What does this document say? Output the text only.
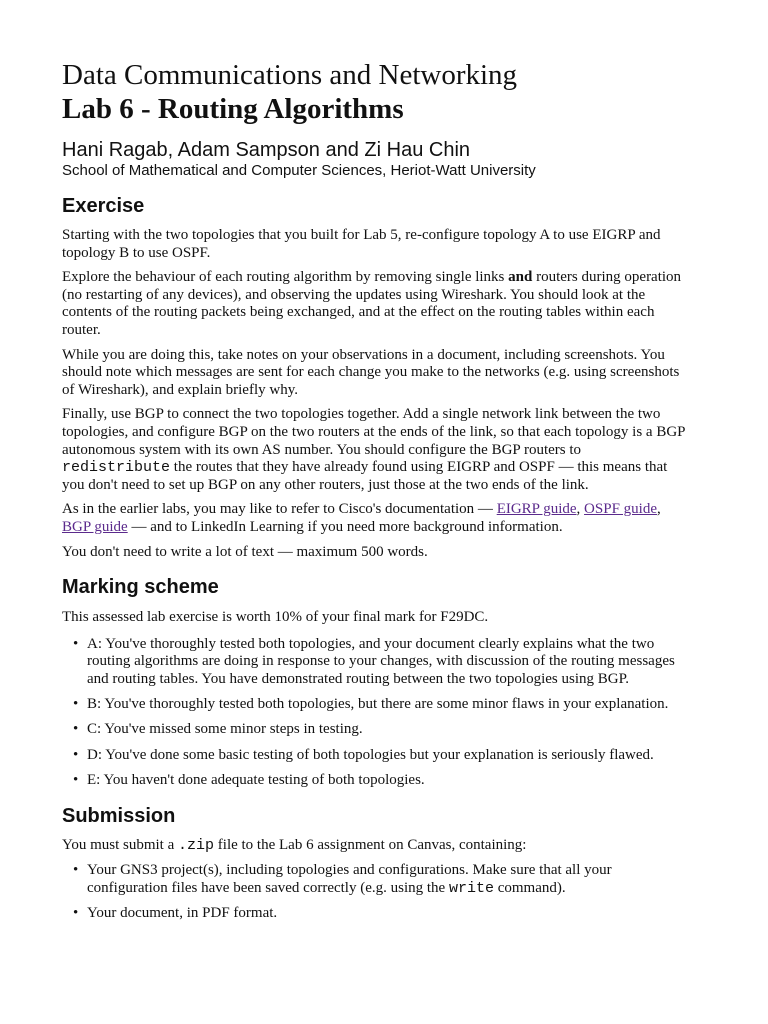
Data Communications and Networking
Lab 6 - Routing Algorithms

Hani Ragab, Adam Sampson and Zi Hau Chin

School of Mathematical and Computer Sciences, Heriot-Watt University

Exercise

Starting with the two topologies that you built for Lab 5, re-configure topology A to use EIGRP and topology B to use OSPF.

Explore the behaviour of each routing algorithm by removing single links and routers during operation (no restarting of any devices), and observing the updates using Wireshark. You should look at the contents of the routing packets being exchanged, and at the effect on the routing tables within each router.

While you are doing this, take notes on your observations in a document, including screenshots. You should note which messages are sent for each change you make to the networks (e.g. using screenshots of Wireshark), and explain briefly why.

Finally, use BGP to connect the two topologies together. Add a single network link between the two topologies, and configure BGP on the two routers at the ends of the link, so that each topology is a BGP autonomous system with its own AS number. You should configure the BGP routers to redistribute the routes that they have already found using EIGRP and OSPF — this means that you don't need to set up BGP on any other routers, just those at the two ends of the link.

As in the earlier labs, you may like to refer to Cisco's documentation — EIGRP guide, OSPF guide, BGP guide — and to LinkedIn Learning if you need more background information.

You don't need to write a lot of text — maximum 500 words.

Marking scheme

This assessed lab exercise is worth 10% of your final mark for F29DC.

• A: You've thoroughly tested both topologies, and your document clearly explains what the two routing algorithms are doing in response to your changes, with discussion of the routing messages and routing tables. You have demonstrated routing between the two topologies using BGP.
• B: You've thoroughly tested both topologies, but there are some minor flaws in your explanation.
• C: You've missed some minor steps in testing.
• D: You've done some basic testing of both topologies but your explanation is seriously flawed.
• E: You haven't done adequate testing of both topologies.
Submission

You must submit a .zip file to the Lab 6 assignment on Canvas, containing:

• Your GNS3 project(s), including topologies and configurations. Make sure that all your configuration files have been saved correctly (e.g. using the write command).
• Your document, in PDF format.
